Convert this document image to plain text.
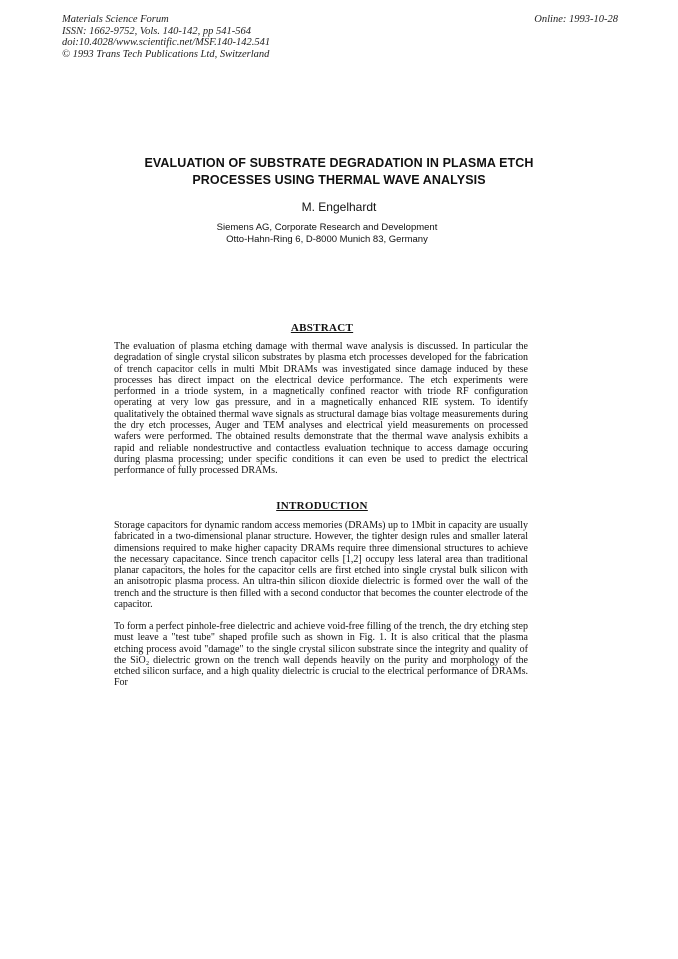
Materials Science Forum
ISSN: 1662-9752, Vols. 140-142, pp 541-564
doi:10.4028/www.scientific.net/MSF.140-142.541
© 1993 Trans Tech Publications Ltd, Switzerland
Online: 1993-10-28
EVALUATION OF SUBSTRATE DEGRADATION IN PLASMA ETCH
PROCESSES USING THERMAL WAVE ANALYSIS
M. Engelhardt
Siemens AG, Corporate Research and Development
Otto-Hahn-Ring 6, D-8000 Munich 83, Germany
ABSTRACT
The evaluation of plasma etching damage with thermal wave analysis is discussed. In particular the degradation of single crystal silicon substrates by plasma etch processes developed for the fabrication of trench capacitor cells in multi Mbit DRAMs was investigated since damage induced by these processes has direct impact on the electrical device performance. The etch experiments were performed in a triode system, in a magnetically confined reactor with triode RF configuration operating at very low gas pressure, and in a magnetically enhanced RIE system. To identify qualitatively the obtained thermal wave signals as structural damage bias voltage measurements during the dry etch processes, Auger and TEM analyses and electrical yield measurements on processed wafers were performed. The obtained results demonstrate that the thermal wave analysis exhibits a rapid and reliable nondestructive and contactless evaluation technique to access damage occuring during plasma processing; under specific conditions it can even be used to predict the electrical performance of fully processed DRAMs.
INTRODUCTION
Storage capacitors for dynamic random access memories (DRAMs) up to 1Mbit in capacity are usually fabricated in a two-dimensional planar structure. However, the tighter design rules and smaller lateral dimensions required to make higher capacity DRAMs require three dimensional structures to achieve the necessary capacitance. Since trench capacitor cells [1,2] occupy less lateral area than traditional planar capacitors, the holes for the capacitor cells are first etched into single crystal bulk silicon with an anisotropic plasma process. An ultra-thin silicon dioxide dielectric is formed over the wall of the trench and the structure is then filled with a second conductor that becomes the counter electrode of the capacitor.
To form a perfect pinhole-free dielectric and achieve void-free filling of the trench, the dry etching step must leave a "test tube" shaped profile such as shown in Fig. 1. It is also critical that the plasma etching process avoid "damage" to the single crystal silicon substrate since the integrity and quality of the SiO₂ dielectric grown on the trench wall depends heavily on the purity and morphology of the etched silicon surface, and a high quality dielectric is crucial to the electrical performance of DRAMs. For
